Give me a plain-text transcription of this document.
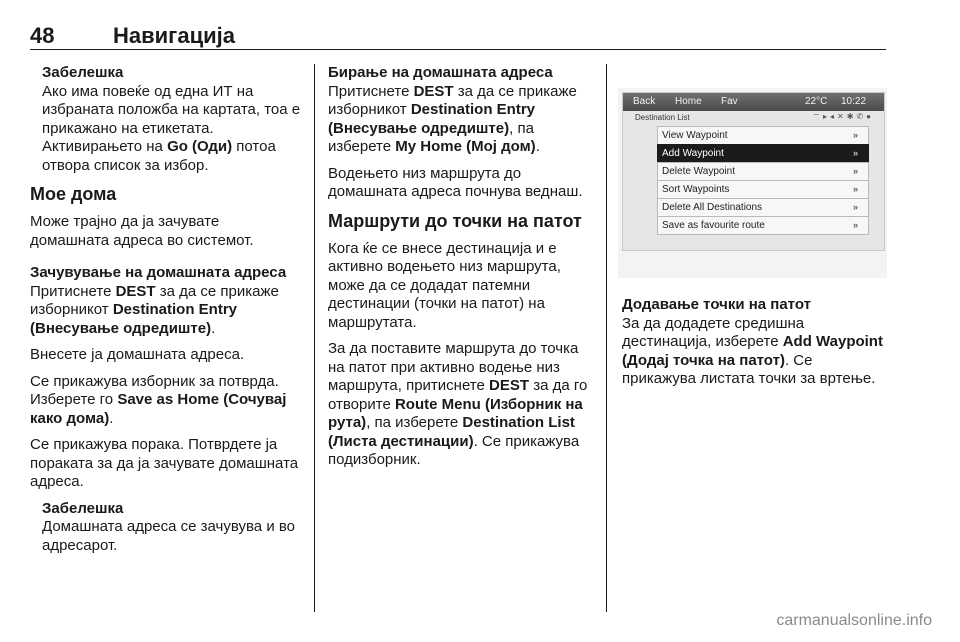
48	Навигација
Забелешка

Ако има повеќе од една ИТ на избраната положба на картата, тоа е прикажано на етикетата. Активирањето на Go (Оди) потоа отвора список за избор.

Мое дома

Може трајно да ја зачувате домашната адреса во системот.

Зачувување на домашната адреса

Притиснете DEST за да се прикаже изборникот Destination Entry (Внесување одредиште).

Внесете ја домашната адреса.

Се прикажува изборник за потврда. Изберете го Save as Home (Сочувај како дома).

Се прикажува порака. Потврдете ја пораката за да ја зачувате домашната адреса.

Забелешка

Домашната адреса се зачувува и во адресарот.

Бирање на домашната адреса

Притиснете DEST за да се прикаже изборникот Destination Entry (Внесување одредиште), па изберете My Home (Мој дом).

Водењето низ маршрута до домашната адреса почнува веднаш.

Маршрути до точки на патот

Кога ќе се внесе дестинација и е активно водењето низ маршрута, може да се додадат патемни дестинации (точки на патот) на маршрутата.

За да поставите маршрута до точка на патот при активно водење низ маршрута, притиснете DEST за да го отворите Route Menu (Изборник на рута), па изберете Destination List (Листа дестинации). Се прикажува подизборник.

Back Home Fav	22°C 10:22
Destination List	⌔▸◂✕✱✆●
View Waypoint	»
Add Waypoint	»
Delete Waypoint	»
Sort Waypoints	»
Delete All Destinations	»
Save as favourite route	»
Додавање точки на патот

За да додадете средишна дестинација, изберете Add Waypoint (Додај точка на патот). Се прикажува листата точки за вртење.

carmanualsonline.info
